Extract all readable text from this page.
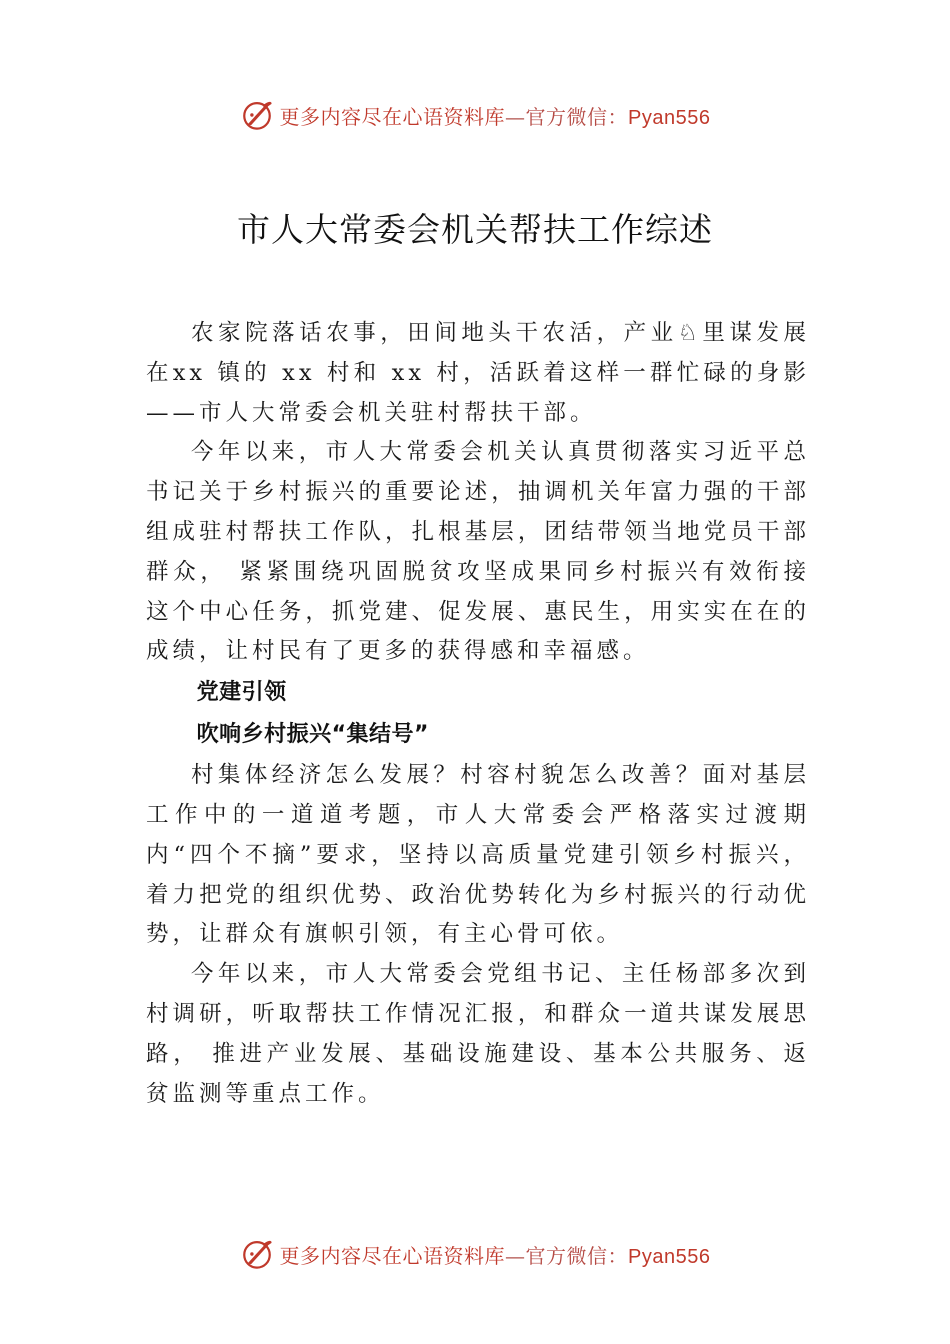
更多内容尽在心语资料库—官方微信：Pyan556
市人大常委会机关帮扶工作综述

农家院落话农事，田间地头干农活，产业♘里谋发展在xx 镇的 xx 村和 xx 村，活跃着这样一群忙碌的身影——市人大常委会机关驻村帮扶干部。

今年以来，市人大常委会机关认真贯彻落实习近平总书记关于乡村振兴的重要论述，抽调机关年富力强的干部组成驻村帮扶工作队，扎根基层，团结带领当地党员干部群众， 紧紧围绕巩固脱贫攻坚成果同乡村振兴有效衔接这个中心任务，抓党建、促发展、惠民生，用实实在在的成绩，让村民有了更多的获得感和幸福感。

党建引领

吹响乡村振兴“集结号”

村集体经济怎么发展？村容村貌怎么改善？面对基层工作中的一道道考题，市人大常委会严格落实过渡期内“四个不摘”要求，坚持以高质量党建引领乡村振兴，着力把党的组织优势、政治优势转化为乡村振兴的行动优势，让群众有旗帜引领，有主心骨可依。

今年以来，市人大常委会党组书记、主任杨部多次到村调研，听取帮扶工作情况汇报，和群众一道共谋发展思路， 推进产业发展、基础设施建设、基本公共服务、返贫监测等重点工作。

更多内容尽在心语资料库—官方微信：Pyan556
